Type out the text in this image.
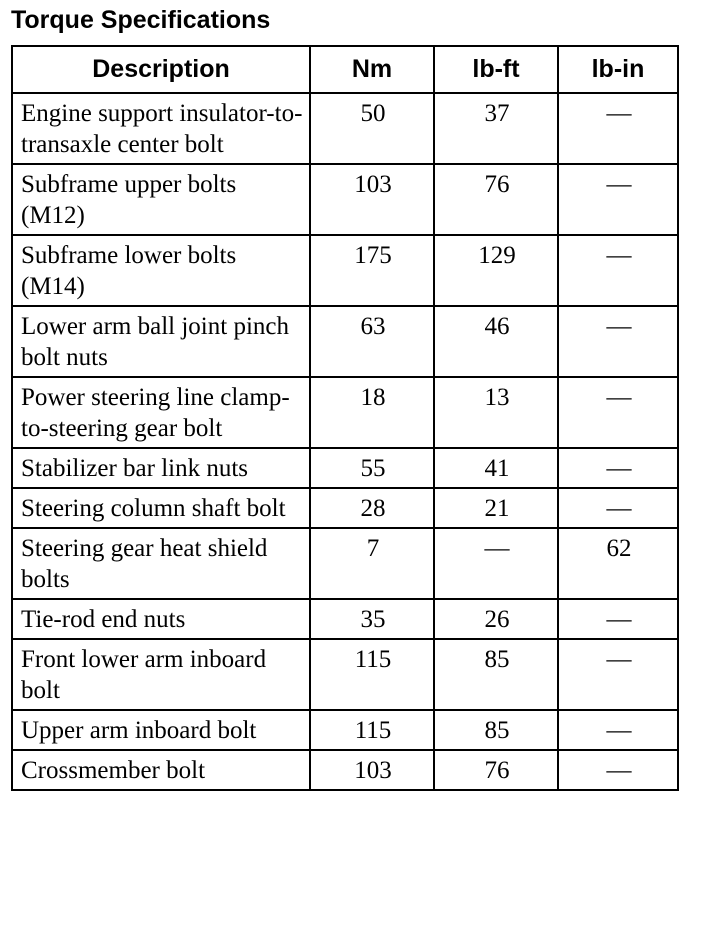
Torque Specifications
Description	Nm	lb-ft	lb-in
Engine support insulator-to-transaxle center bolt	50	37	—
Subframe upper bolts (M12)	103	76	—
Subframe lower bolts (M14)	175	129	—
Lower arm ball joint pinch bolt nuts	63	46	—
Power steering line clamp-to-steering gear bolt	18	13	—
Stabilizer bar link nuts	55	41	—
Steering column shaft bolt	28	21	—
Steering gear heat shield bolts	7	—	62
Tie-rod end nuts	35	26	—
Front lower arm inboard bolt	115	85	—
Upper arm inboard bolt	115	85	—
Crossmember bolt	103	76	—
